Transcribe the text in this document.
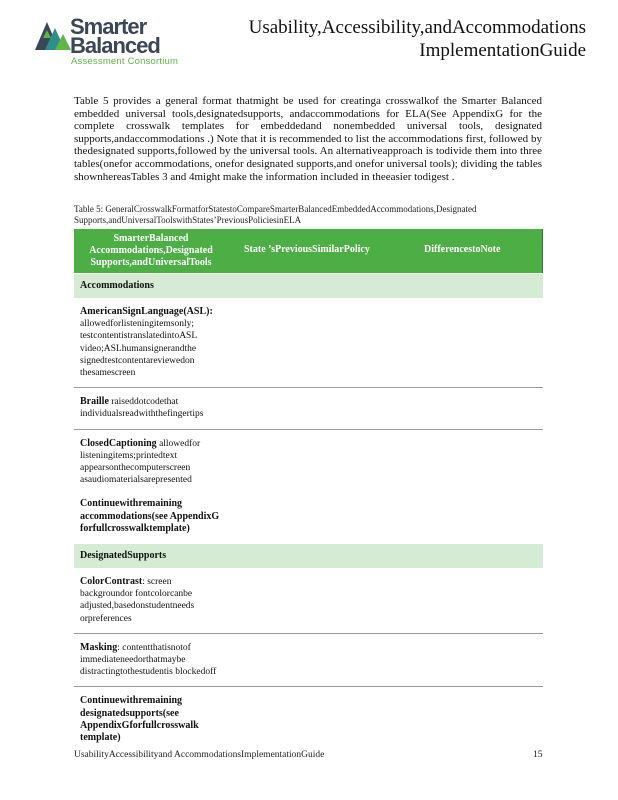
Smarter
Balanced
Assessment Consortium
Usability,Accessibility,andAccommodations
ImplementationGuide
Table 5 provides a general format thatmight be used for creatinga crosswalkof the Smarter Balanced embedded universal tools,designatedsupports, andaccommodations for ELA(See AppendixG for the complete crosswalk templates for embeddedand nonembedded universal tools, designated supports,andaccommodations .) Note that it is recommended to list the accommodations first, followed by thedesignated supports,followed by the universal tools. An alternativeapproach is todivide them into three tables(onefor accommodations, onefor designated supports,and onefor universal tools); dividing the tables shownhereasTables 3 and 4might make the information included in theeasier todigest .
Table 5: GeneralCrosswalkFormatforStatestoCompareSmarterBalancedEmbeddedAccommodations,Designated Supports,andUniversalToolswithStates’PreviousPoliciesinELA
SmarterBalanced Accommodations,Designated Supports,andUniversalTools
State ’sPreviousSimilarPolicy	DifferencestoNote
Accommodations
AmericanSignLanguage(ASL): allowedforlisteningitemsonly; testcontentistranslatedintoASL video;ASLhumansignerandthe signedtestcontentareviewedon thesamescreen
Braille raiseddotcodethat individualsreadwiththefingertips
ClosedCaptioning allowedfor listeningitems;printedtext appearsonthecomputerscreen asaudiomaterialsarepresented
Continuewithremaining accommodations(see AppendixG forfullcrosswalktemplate)
DesignatedSupports
ColorContrast: screen backgroundor fontcolorcanbe adjusted,basedonstudentneeds orpreferences
Masking: contentthatisnotof immediateneedorthatmaybe distractingtothestudentis blockedoff
Continuewithremaining designatedsupports(see AppendixGforfullcrosswalk template)
UsabilityAccessibilityand AccommodationsImplementationGuide	15
